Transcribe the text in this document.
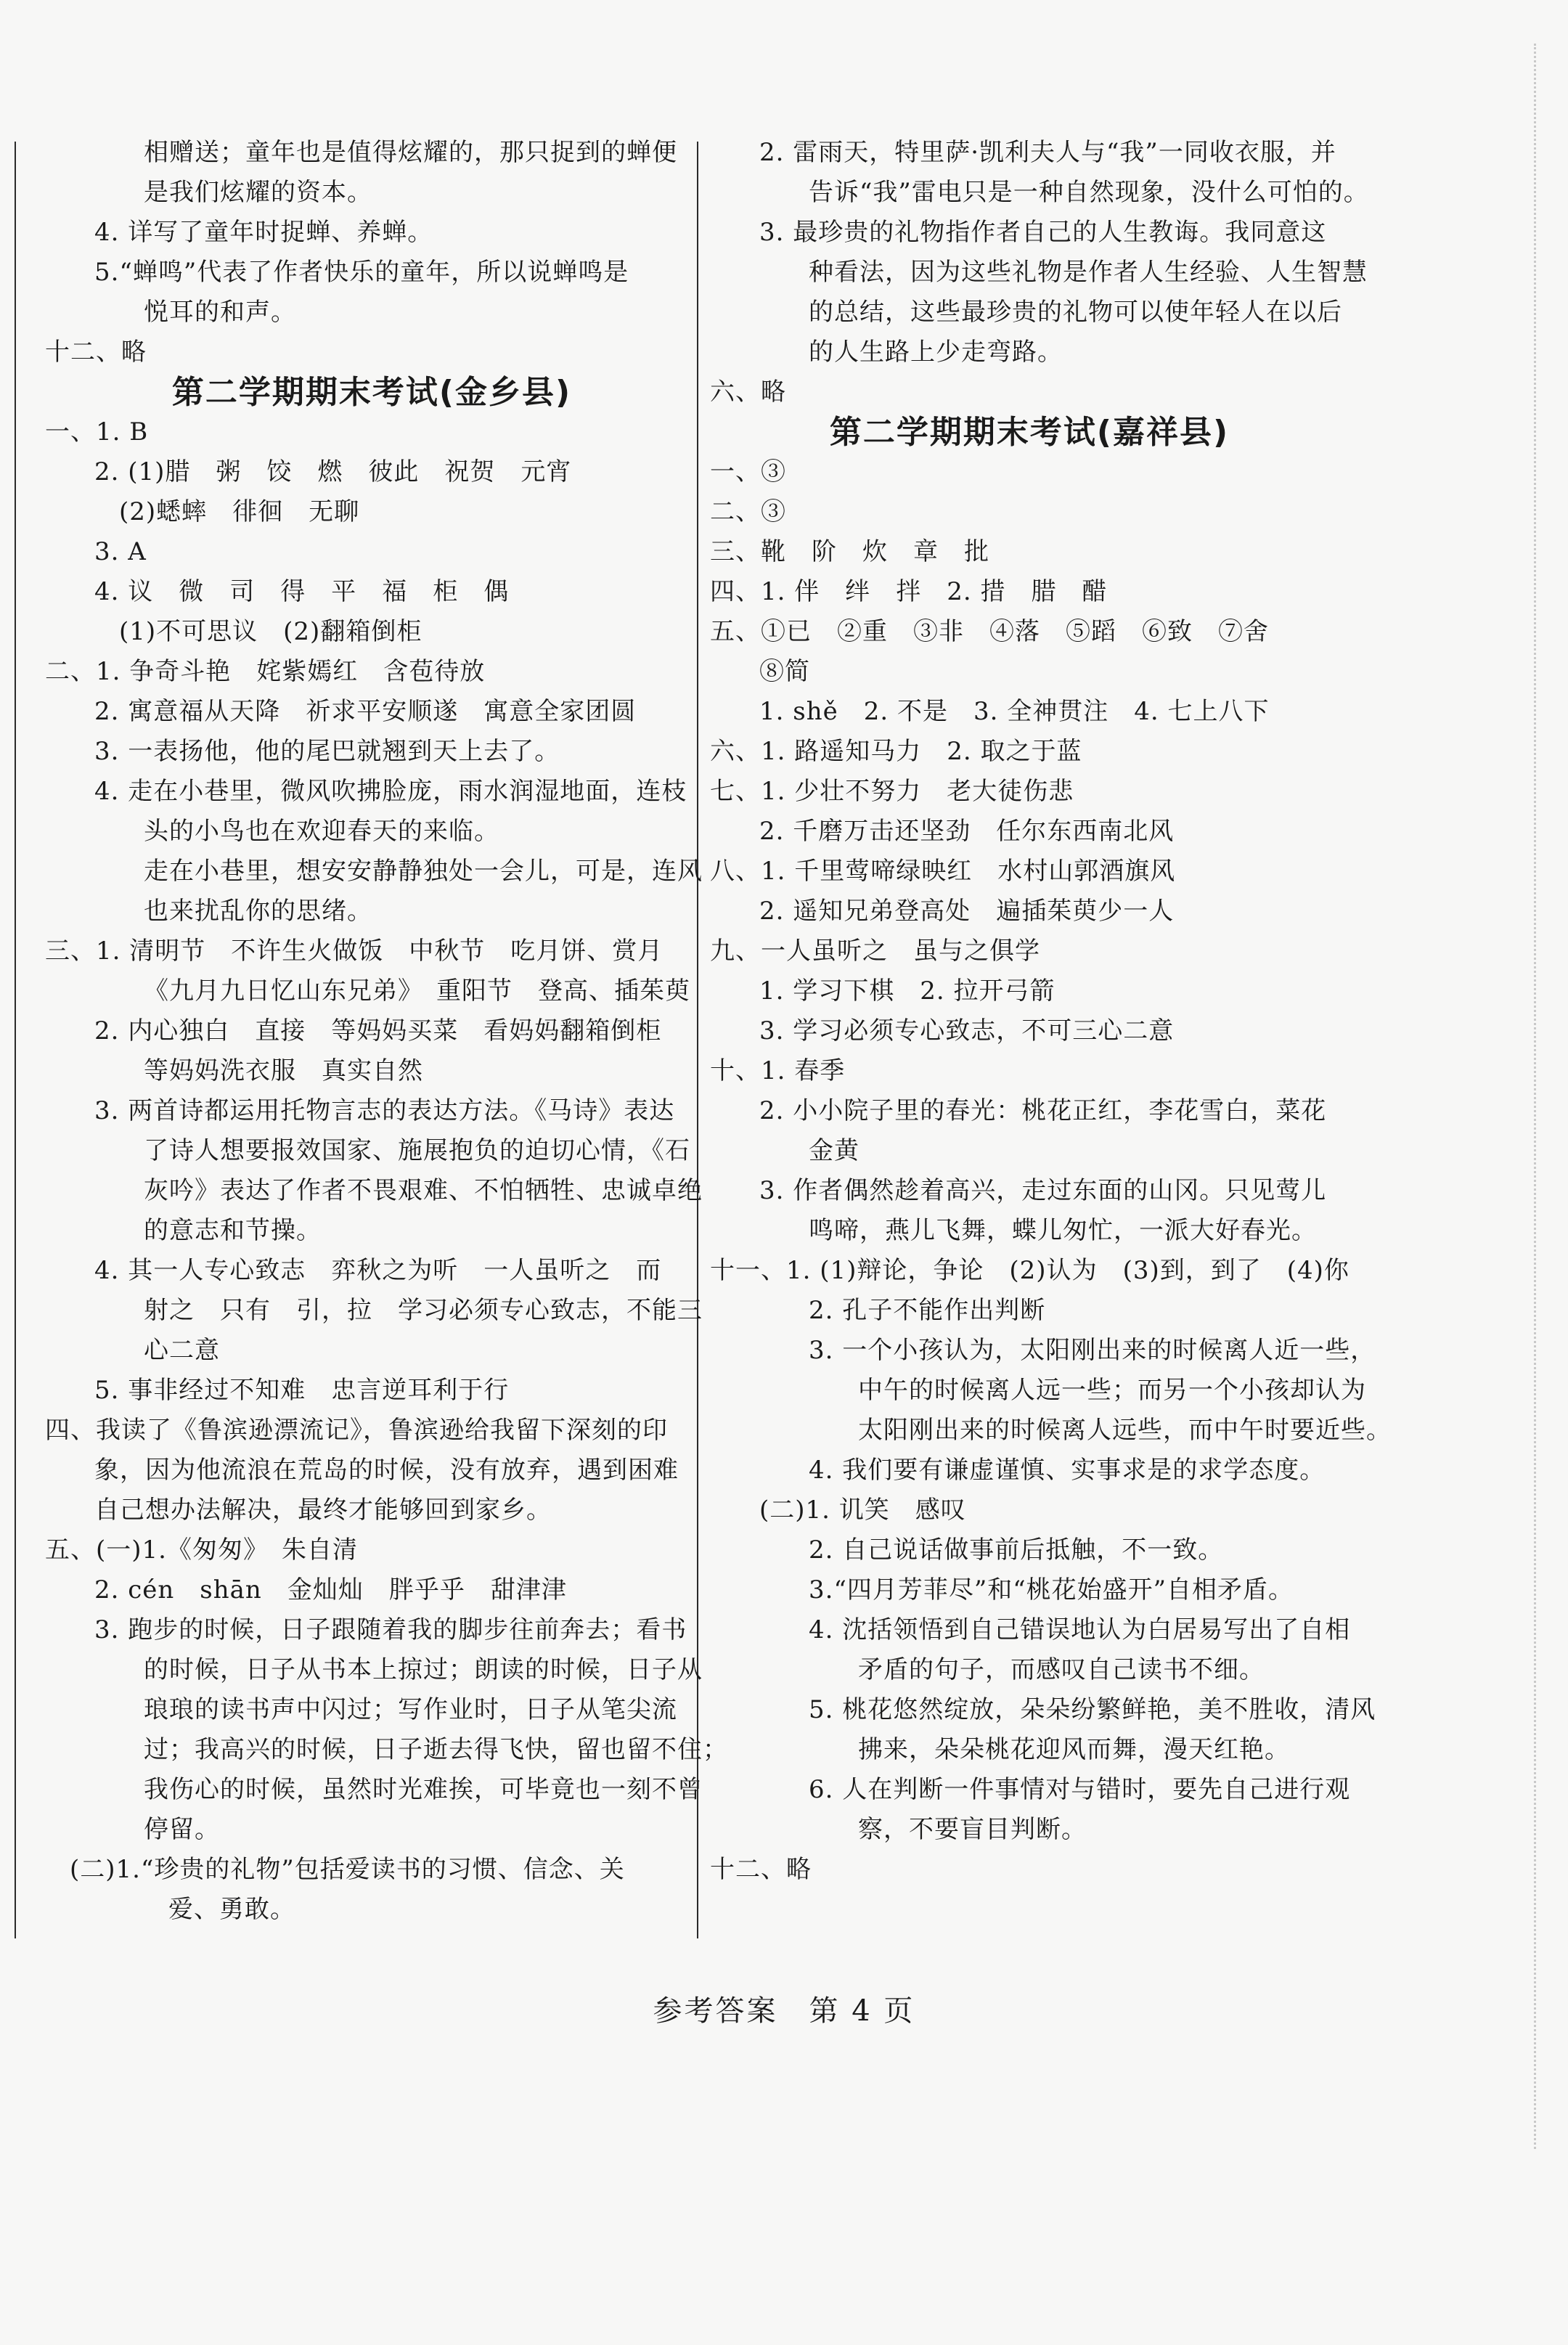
相赠送；童年也是值得炫耀的，那只捉到的蝉便
是我们炫耀的资本。
4. 详写了童年时捉蝉、养蝉。
5.“蝉鸣”代表了作者快乐的童年，所以说蝉鸣是
悦耳的和声。
十二、略
第二学期期末考试(金乡县)
一、1. B
2. (1)腊　粥　饺　燃　彼此　祝贺　元宵
(2)蟋蟀　徘徊　无聊
3. A
4. 议　微　司　得　平　福　柜　偶
(1)不可思议　(2)翻箱倒柜
二、1. 争奇斗艳　姹紫嫣红　含苞待放
2. 寓意福从天降　祈求平安顺遂　寓意全家团圆
3. 一表扬他，他的尾巴就翘到天上去了。
4. 走在小巷里，微风吹拂脸庞，雨水润湿地面，连枝
头的小鸟也在欢迎春天的来临。
走在小巷里，想安安静静独处一会儿，可是，连风
也来扰乱你的思绪。
三、1. 清明节　不许生火做饭　中秋节　吃月饼、赏月
《九月九日忆山东兄弟》　重阳节　登高、插茱萸
2. 内心独白　直接　等妈妈买菜　看妈妈翻箱倒柜
等妈妈洗衣服　真实自然
3. 两首诗都运用托物言志的表达方法。《马诗》表达
了诗人想要报效国家、施展抱负的迫切心情，《石
灰吟》表达了作者不畏艰难、不怕牺牲、忠诚卓绝
的意志和节操。
4. 其一人专心致志　弈秋之为听　一人虽听之　而
射之　只有　引，拉　学习必须专心致志，不能三
心二意
5. 事非经过不知难　忠言逆耳利于行
四、我读了《鲁滨逊漂流记》，鲁滨逊给我留下深刻的印
象，因为他流浪在荒岛的时候，没有放弃，遇到困难
自己想办法解决，最终才能够回到家乡。
五、(一)1.《匆匆》　朱自清
2. cén　shān　金灿灿　胖乎乎　甜津津
3. 跑步的时候，日子跟随着我的脚步往前奔去；看书
的时候，日子从书本上掠过；朗读的时候，日子从
琅琅的读书声中闪过；写作业时，日子从笔尖流
过；我高兴的时候，日子逝去得飞快，留也留不住；
我伤心的时候，虽然时光难挨，可毕竟也一刻不曾
停留。
(二)1.“珍贵的礼物”包括爱读书的习惯、信念、关
爱、勇敢。
2. 雷雨天，特里萨·凯利夫人与“我”一同收衣服，并
告诉“我”雷电只是一种自然现象，没什么可怕的。
3. 最珍贵的礼物指作者自己的人生教诲。我同意这
种看法，因为这些礼物是作者人生经验、人生智慧
的总结，这些最珍贵的礼物可以使年轻人在以后
的人生路上少走弯路。
六、略
第二学期期末考试(嘉祥县)
一、③
二、③
三、靴　阶　炊　章　批
四、1. 伴　绊　拌　2. 措　腊　醋
五、①已　②重　③非　④落　⑤蹈　⑥致　⑦舍
⑧简
1. shě　2. 不是　3. 全神贯注　4. 七上八下
六、1. 路遥知马力　2. 取之于蓝
七、1. 少壮不努力　老大徒伤悲
2. 千磨万击还坚劲　任尔东西南北风
八、1. 千里莺啼绿映红　水村山郭酒旗风
2. 遥知兄弟登高处　遍插茱萸少一人
九、一人虽听之　虽与之俱学
1. 学习下棋　2. 拉开弓箭
3. 学习必须专心致志，不可三心二意
十、1. 春季
2. 小小院子里的春光：桃花正红，李花雪白，菜花
金黄
3. 作者偶然趁着高兴，走过东面的山冈。只见莺儿
鸣啼，燕儿飞舞，蝶儿匆忙，一派大好春光。
十一、1. (1)辩论，争论　(2)认为　(3)到，到了　(4)你
2. 孔子不能作出判断
3. 一个小孩认为，太阳刚出来的时候离人近一些，
中午的时候离人远一些；而另一个小孩却认为
太阳刚出来的时候离人远些，而中午时要近些。
4. 我们要有谦虚谨慎、实事求是的求学态度。
(二)1. 讥笑　感叹
2. 自己说话做事前后抵触，不一致。
3.“四月芳菲尽”和“桃花始盛开”自相矛盾。
4. 沈括领悟到自己错误地认为白居易写出了自相
矛盾的句子，而感叹自己读书不细。
5. 桃花悠然绽放，朵朵纷繁鲜艳，美不胜收，清风
拂来，朵朵桃花迎风而舞，漫天红艳。
6. 人在判断一件事情对与错时，要先自己进行观
察，不要盲目判断。
十二、略
参考答案　第 4 页
